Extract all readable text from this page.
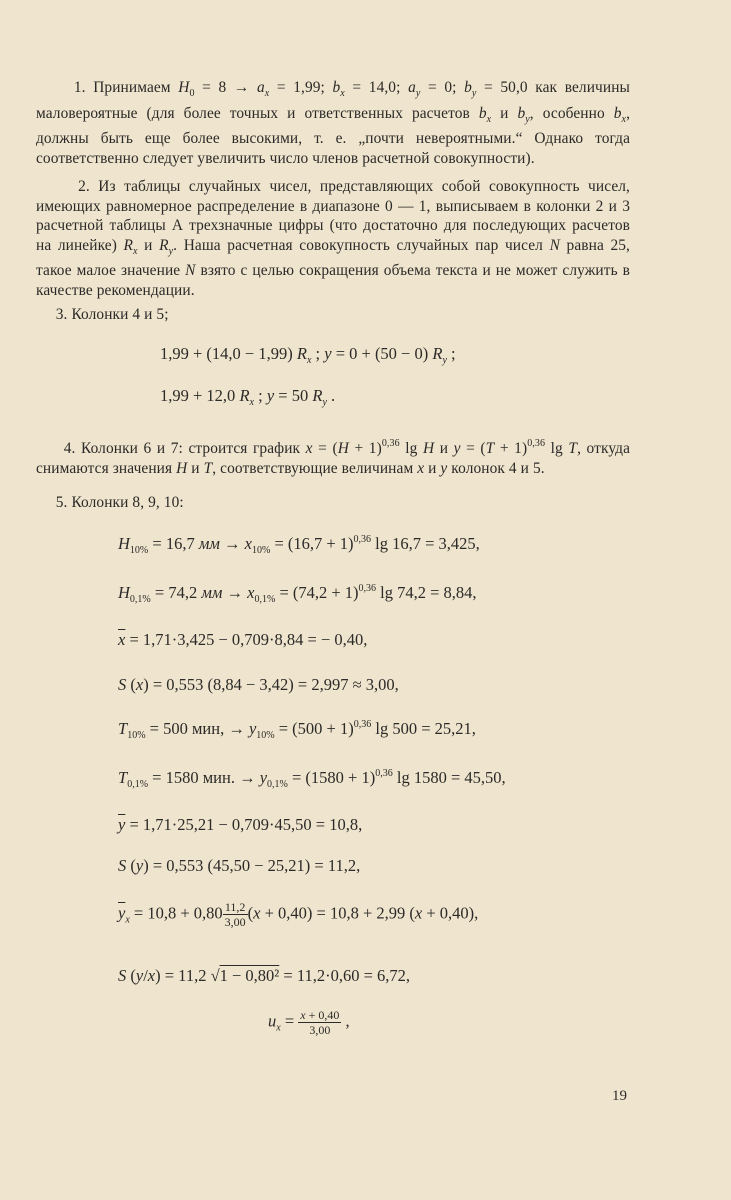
1. Принимаем $H_0 = 8 \to a_x = 1,99$; $b_x = 14,0$; $a_y = 0$; $b_y = 50,0$ как величины маловероятные (для более точных и ответственных расчетов $b_x$ и $b_y$, особенно $b_x$, должны быть еще более высокими, т. е. „почти невероятными.“ Однако тогда соответственно следует увеличить число членов расчетной совокупности).
2. Из таблицы случайных чисел, представляющих собой совокупность чисел, имеющих равномерное распределение в диапазоне 0 — 1, выписываем в колонки 2 и 3 расчетной таблицы А трехзначные цифры (что достаточно для последующих расчетов на линейке) $R_x$ и $R_y$. Наша расчетная совокупность случайных пар чисел N равна 25, такое малое значение N взято с целью сокращения объема текста и не может служить в качестве рекомендации.
3. Колонки 4 и 5;
1,99 + (14,0 − 1,99) $R_x$ ; y = 0 + (50 − 0) $R_y$ ;
1,99 + 12,0 $R_x$ ; y = 50 $R_y$ .
4. Колонки 6 и 7: строится график $x = (H + 1)^{0,36}$ lg H и $y = (T + 1)^{0,36}$ lg T, откуда снимаются значения H и T, соответствующие величинам x и y колонок 4 и 5.
5. Колонки 8, 9, 10:
$H_{10\%} = 16,7$ мм → $x_{10\%} = (16,7 + 1)^{0,36}$ lg 16,7 = 3,425,
$H_{0,1\%} = 74,2$ мм → $x_{0,1\%} = (74,2 + 1)^{0,36}$ lg 74,2 = 8,84,
$\overline{x} = 1,71\cdot 3,425 - 0,709\cdot 8,84$ = − 0,40,
S (x) = 0,553 (8,84 − 3,42) = 2,997 ≈ 3,00,
$T_{10\%} = 500$ мин, → $y_{10\%} = (500 + 1)^{0,36}$ lg 500 = 25,21,
$T_{0,1\%} = 1580$ мин. → $y_{0,1\%} = (1580 + 1)^{0,36}$ lg 1580 = 45,50,
$\overline{y} = 1,71\cdot 25,21 - 0,709\cdot 45,50 = 10,8$,
S (y) = 0,553 (45,50 − 25,21) = 11,2,
$\overline{y}_x = 10,8 + 0,80 \frac{11,2}{3,00} (x + 0,40) = 10,8 + 2,99$ (x + 0,40),
S (y/x) = 11,2 √1 − 0,80² = 11,2·0,60 = 6,72,
$u_x = \frac{x + 0,40}{3,00}$ ,
19
